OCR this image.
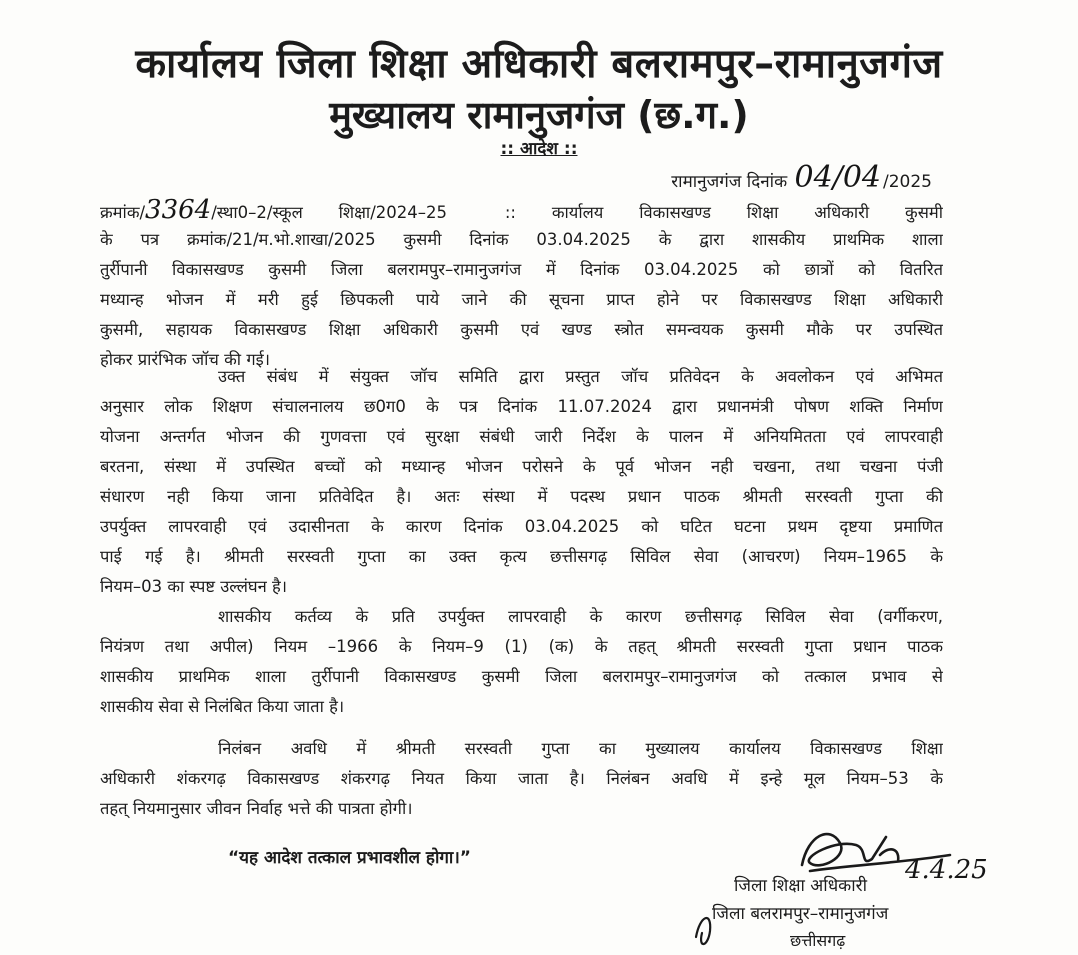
कार्यालय जिला शिक्षा अधिकारी बलरामपुर–रामानुजगंज
मुख्यालय रामानुजगंज (छ.ग.)
:: आदेश ::
रामानुजगंज दिनांक 04/04 /2025
क्रमांक/3364/स्था0–2/स्कूल शिक्षा/2024–25	:: कार्यालय विकासखण्ड शिक्षा अधिकारी कुसमी
के पत्र क्रमांक/21/म.भो.शाखा/2025 कुसमी दिनांक 03.04.2025 के द्वारा शासकीय प्राथमिक शाला
तुर्रीपानी विकासखण्ड कुसमी जिला बलरामपुर–रामानुजगंज में दिनांक 03.04.2025 को छात्रों को वितरित
मध्यान्ह भोजन में मरी हुई छिपकली पाये जाने की सूचना प्राप्त होने पर विकासखण्ड शिक्षा अधिकारी
कुसमी, सहायक विकासखण्ड शिक्षा अधिकारी कुसमी एवं खण्ड स्त्रोत समन्वयक कुसमी मौके पर उपस्थित
होकर प्रारंभिक जॉच की गई।
उक्त संबंध में संयुक्त जॉच समिति द्वारा प्रस्तुत जॉच प्रतिवेदन के अवलोकन एवं अभिमत
अनुसार लोक शिक्षण संचालनालय छ0ग0 के पत्र दिनांक 11.07.2024 द्वारा प्रधानमंत्री पोषण शक्ति निर्माण
योजना अन्तर्गत भोजन की गुणवत्ता एवं सुरक्षा संबंधी जारी निर्देश के पालन में अनियमितता एवं लापरवाही
बरतना, संस्था में उपस्थित बच्चों को मध्यान्ह भोजन परोसने के पूर्व भोजन नही चखना, तथा चखना पंजी
संधारण नही किया जाना प्रतिवेदित है। अतः संस्था में पदस्थ प्रधान पाठक श्रीमती सरस्वती गुप्ता की
उपर्युक्त लापरवाही एवं उदासीनता के कारण दिनांक 03.04.2025 को घटित घटना प्रथम दृष्टया प्रमाणित
पाई गई है। श्रीमती सरस्वती गुप्ता का उक्त कृत्य छत्तीसगढ़ सिविल सेवा (आचरण) नियम–1965 के
नियम–03 का स्पष्ट उल्लंघन है।
शासकीय कर्तव्य के प्रति उपर्युक्त लापरवाही के कारण छत्तीसगढ़ सिविल सेवा (वर्गीकरण,
नियंत्रण तथा अपील) नियम –1966 के नियम–9 (1) (क) के तहत् श्रीमती सरस्वती गुप्ता प्रधान पाठक
शासकीय प्राथमिक शाला तुर्रीपानी विकासखण्ड कुसमी जिला बलरामपुर–रामानुजगंज को तत्काल प्रभाव से
शासकीय सेवा से निलंबित किया जाता है।
निलंबन अवधि में श्रीमती सरस्वती गुप्ता का मुख्यालय कार्यालय विकासखण्ड शिक्षा
अधिकारी शंकरगढ़ विकासखण्ड शंकरगढ़ नियत किया जाता है। निलंबन अवधि में इन्हे मूल नियम–53 के
तहत् नियमानुसार जीवन निर्वाह भत्ते की पात्रता होगी।
“यह आदेश तत्काल प्रभावशील होगा।”
जिला शिक्षा अधिकारी
जिला बलरामपुर–रामानुजगंज
छत्तीसगढ़
4.4.25
